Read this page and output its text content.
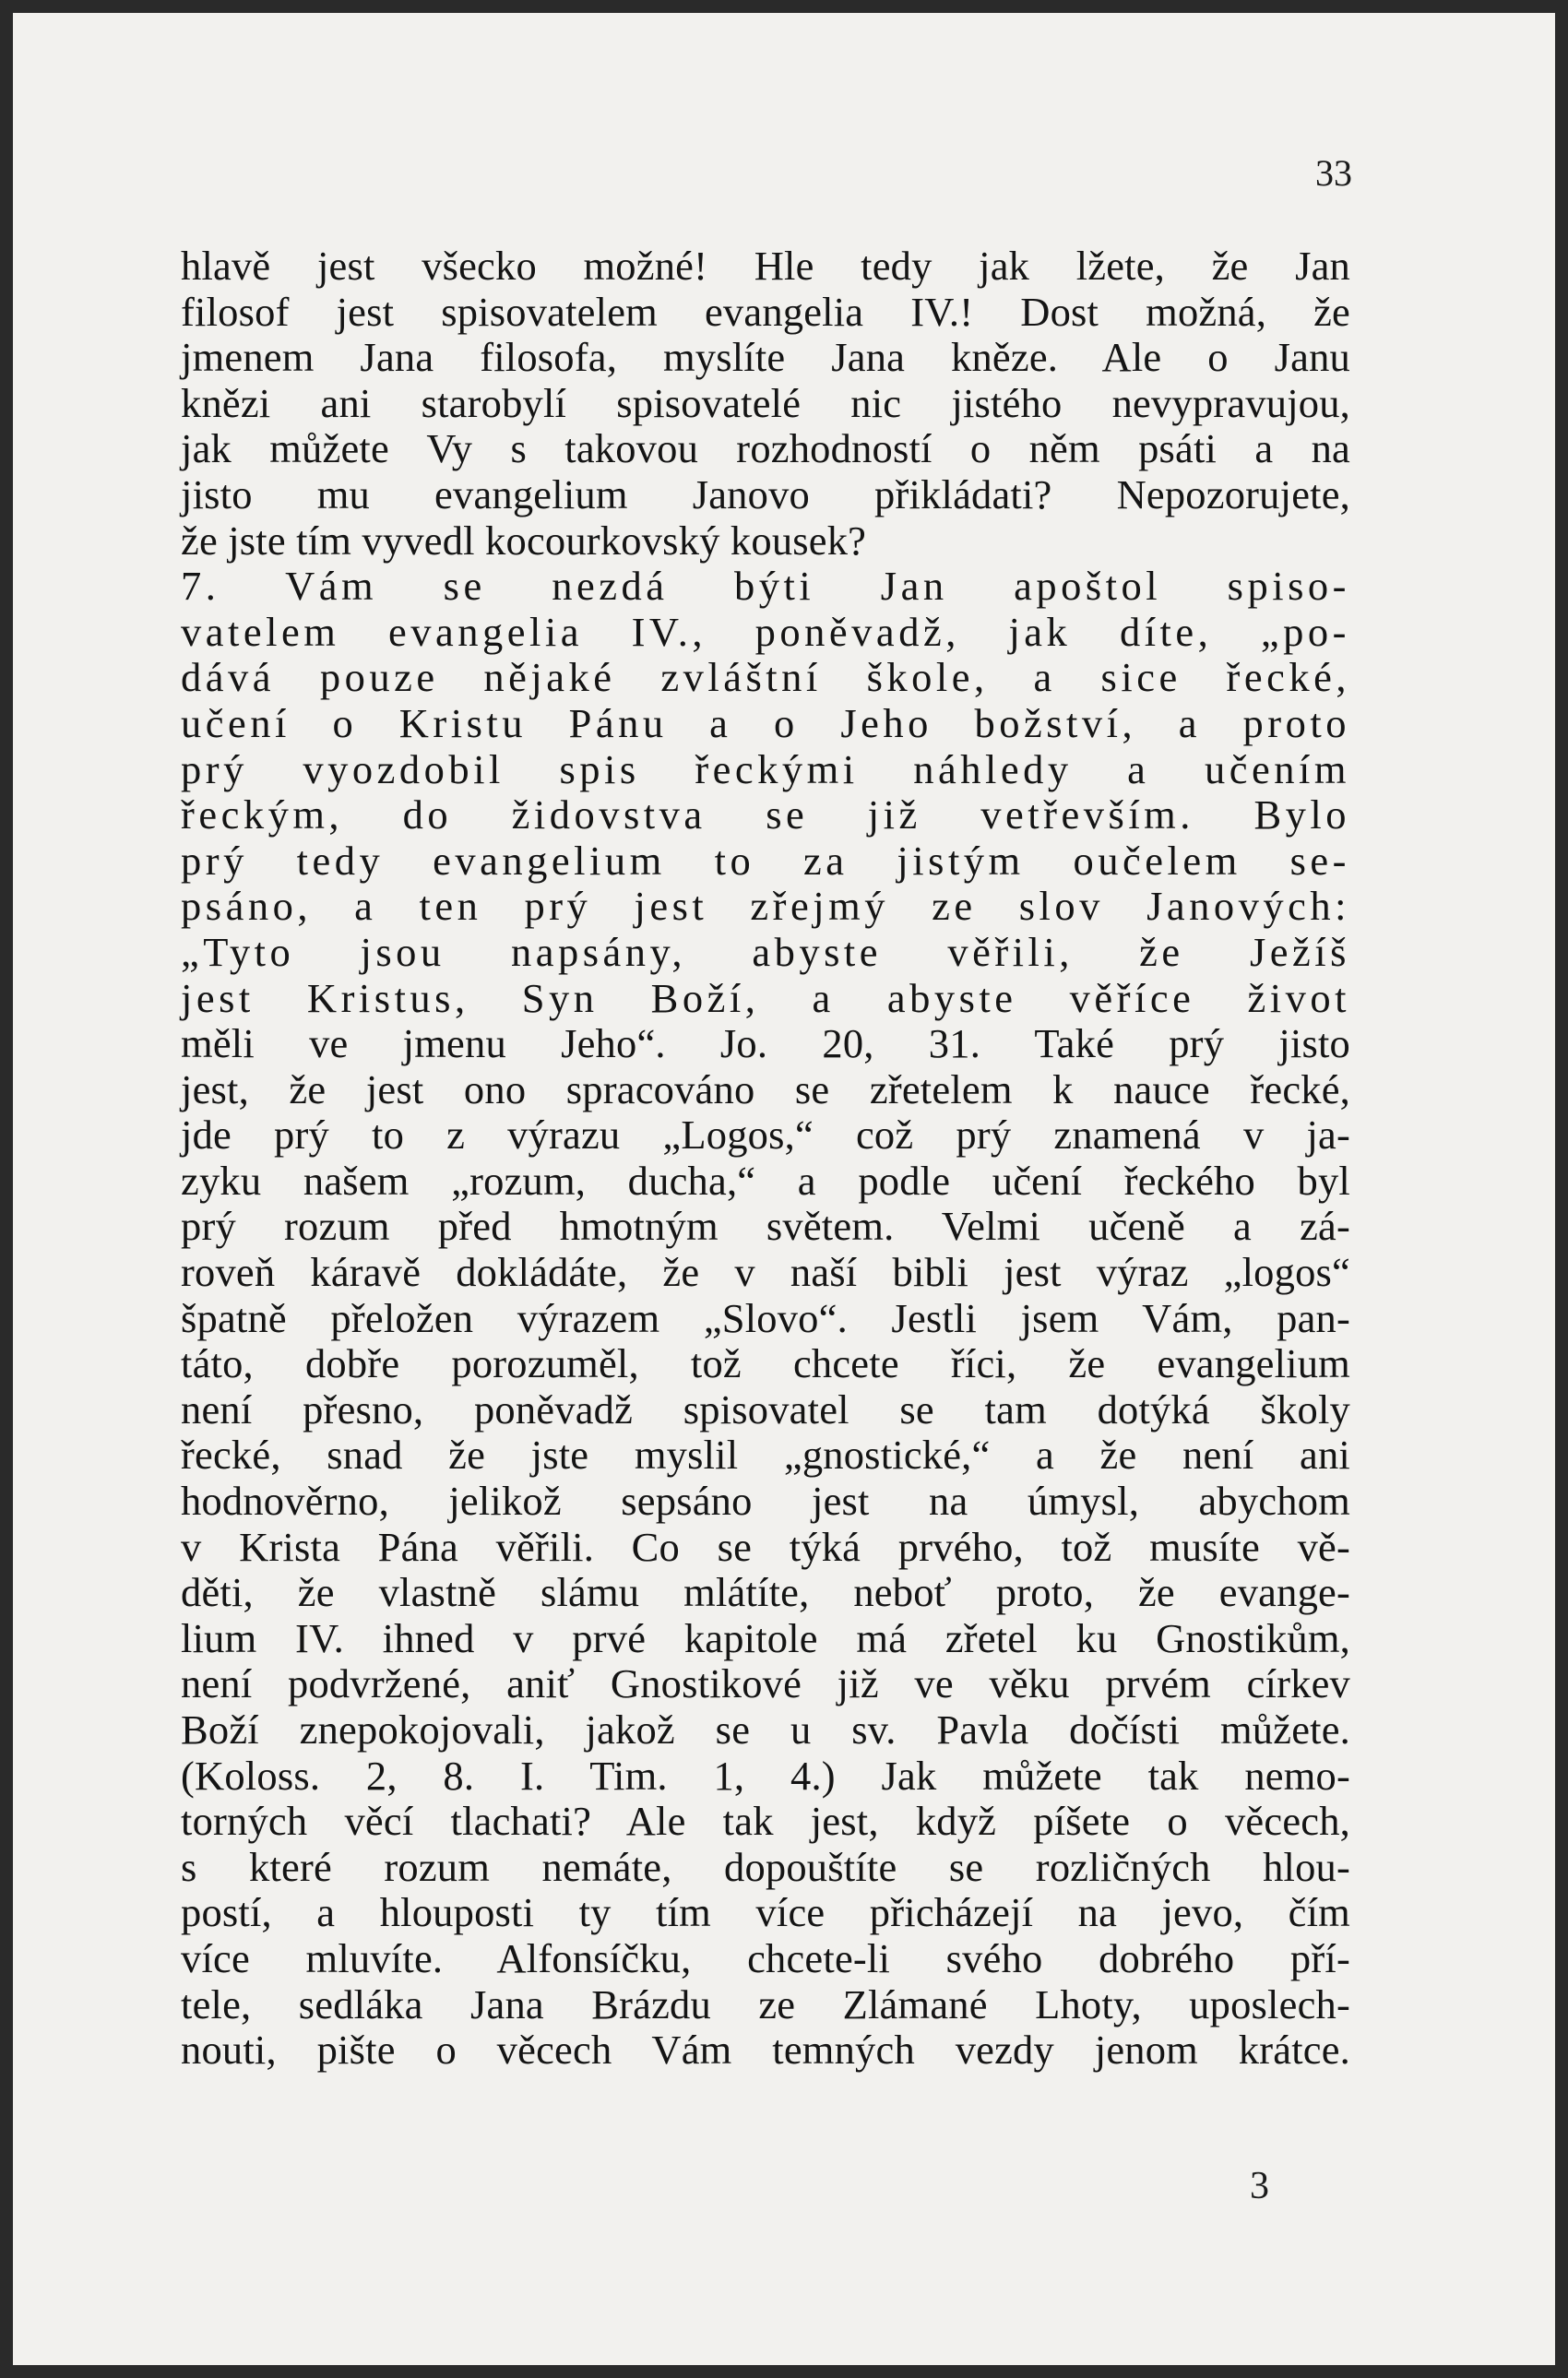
33
hlavě jest všecko možné! Hle tedy jak lžete, že Jan
filosof jest spisovatelem evangelia IV.! Dost možná, že
jmenem Jana filosofa, myslíte Jana kněze. Ale o Janu
knězi ani starobylí spisovatelé nic jistého nevypravujou,
jak můžete Vy s takovou rozhodností o něm psáti a na
jisto mu evangelium Janovo přikládati? Nepozorujete,
že jste tím vyvedl kocourkovský kousek?
7. Vám se nezdá býti Jan apoštol spiso-
vatelem evangelia IV., poněvadž, jak díte, „po-
dává pouze nějaké zvláštní škole, a sice řecké,
učení o Kristu Pánu a o Jeho božství, a proto
prý vyozdobil spis řeckými náhledy a učením
řeckým, do židovstva se již vetřevším. Bylo
prý tedy evangelium to za jistým oučelem se-
psáno, a ten prý jest zřejmý ze slov Janových:
„Tyto jsou napsány, abyste věřili, že Ježíš
jest Kristus, Syn Boží, a abyste věříce život
měli ve jmenu Jeho“. Jo. 20, 31. Také prý jisto
jest, že jest ono spracováno se zřetelem k nauce řecké,
jde prý to z výrazu „Logos,“ což prý znamená v ja-
zyku našem „rozum, ducha,“ a podle učení řeckého byl
prý rozum před hmotným světem. Velmi učeně a zá-
roveň káravě dokládáte, že v naší bibli jest výraz „logos“
špatně přeložen výrazem „Slovo“. Jestli jsem Vám, pan-
táto, dobře porozuměl, tož chcete říci, že evangelium
není přesno, poněvadž spisovatel se tam dotýká školy
řecké, snad že jste myslil „gnostické,“ a že není ani
hodnověrno, jelikož sepsáno jest na úmysl, abychom
v Krista Pána věřili. Co se týká prvého, tož musíte vě-
děti, že vlastně slámu mlátíte, neboť proto, že evange-
lium IV. ihned v prvé kapitole má zřetel ku Gnostikům,
není podvržené, aniť Gnostikové již ve věku prvém církev
Boží znepokojovali, jakož se u sv. Pavla dočísti můžete.
(Koloss. 2, 8. I. Tim. 1, 4.) Jak můžete tak nemo-
torných věcí tlachati? Ale tak jest, když píšete o věcech,
s které rozum nemáte, dopouštíte se rozličných hlou-
postí, a hlouposti ty tím více přicházejí na jevo, čím
více mluvíte. Alfonsíčku, chcete-li svého dobrého pří-
tele, sedláka Jana Brázdu ze Zlámané Lhoty, uposlech-
nouti, pište o věcech Vám temných vezdy jenom krátce.
3
